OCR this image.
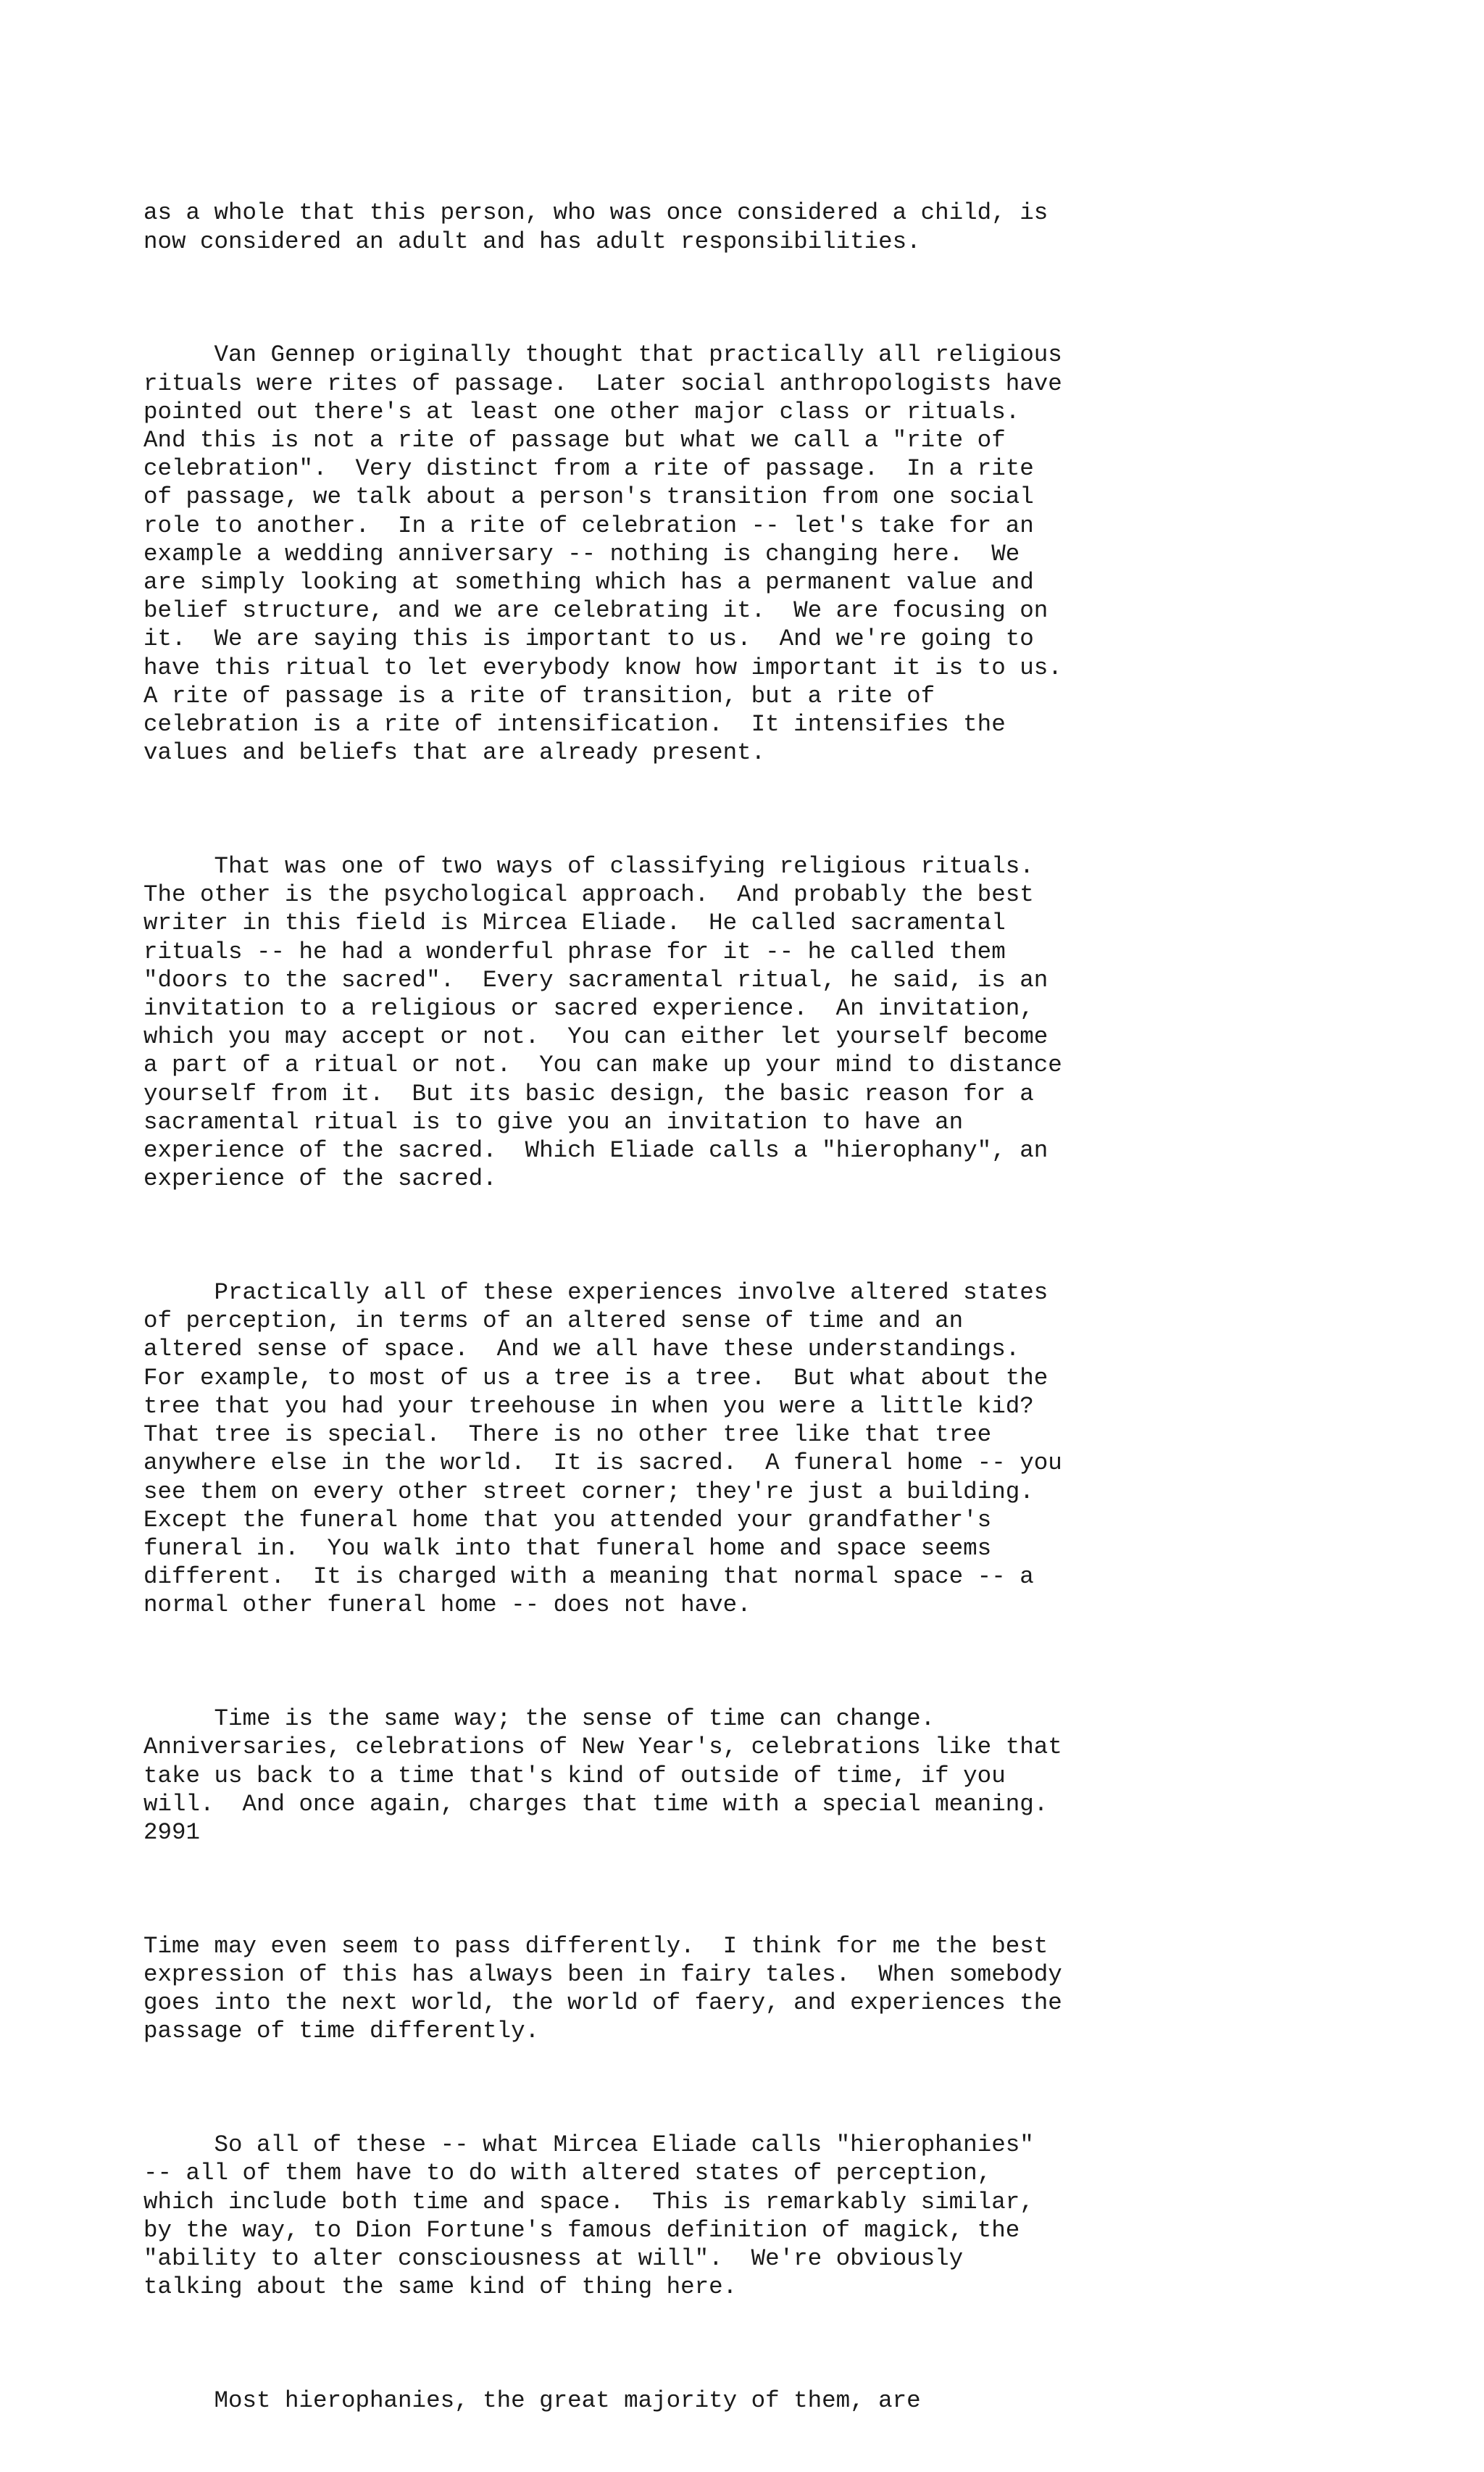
as a whole that this person, who was once considered a child, is
now considered an adult and has adult responsibilities.

Van Gennep originally thought that practically all religious
rituals were rites of passage.  Later social anthropologists have
pointed out there's at least one other major class or rituals.
And this is not a rite of passage but what we call a "rite of
celebration".  Very distinct from a rite of passage.  In a rite
of passage, we talk about a person's transition from one social
role to another.  In a rite of celebration -- let's take for an
example a wedding anniversary -- nothing is changing here.  We
are simply looking at something which has a permanent value and
belief structure, and we are celebrating it.  We are focusing on
it.  We are saying this is important to us.  And we're going to
have this ritual to let everybody know how important it is to us.
A rite of passage is a rite of transition, but a rite of
celebration is a rite of intensification.  It intensifies the
values and beliefs that are already present.

That was one of two ways of classifying religious rituals.
The other is the psychological approach.  And probably the best
writer in this field is Mircea Eliade.  He called sacramental
rituals -- he had a wonderful phrase for it -- he called them
"doors to the sacred".  Every sacramental ritual, he said, is an
invitation to a religious or sacred experience.  An invitation,
which you may accept or not.  You can either let yourself become
a part of a ritual or not.  You can make up your mind to distance
yourself from it.  But its basic design, the basic reason for a
sacramental ritual is to give you an invitation to have an
experience of the sacred.  Which Eliade calls a "hierophany", an
experience of the sacred.

Practically all of these experiences involve altered states
of perception, in terms of an altered sense of time and an
altered sense of space.  And we all have these understandings.
For example, to most of us a tree is a tree.  But what about the
tree that you had your treehouse in when you were a little kid?
That tree is special.  There is no other tree like that tree
anywhere else in the world.  It is sacred.  A funeral home -- you
see them on every other street corner; they're just a building.
Except the funeral home that you attended your grandfather's
funeral in.  You walk into that funeral home and space seems
different.  It is charged with a meaning that normal space -- a
normal other funeral home -- does not have.

Time is the same way; the sense of time can change.
Anniversaries, celebrations of New Year's, celebrations like that
take us back to a time that's kind of outside of time, if you
will.  And once again, charges that time with a special meaning.
2991

Time may even seem to pass differently.  I think for me the best
expression of this has always been in fairy tales.  When somebody
goes into the next world, the world of faery, and experiences the
passage of time differently.

So all of these -- what Mircea Eliade calls "hierophanies"
-- all of them have to do with altered states of perception,
which include both time and space.  This is remarkably similar,
by the way, to Dion Fortune's famous definition of magick, the
"ability to alter consciousness at will".  We're obviously
talking about the same kind of thing here.

Most hierophanies, the great majority of them, are
